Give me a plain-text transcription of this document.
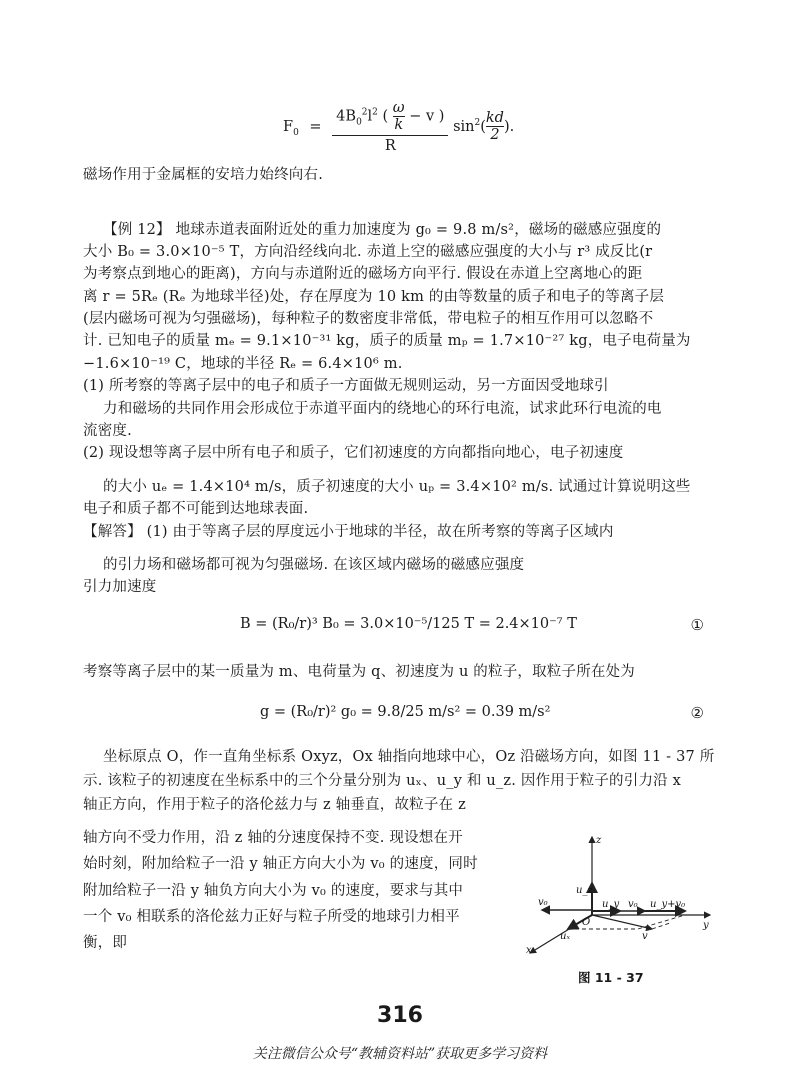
$F_0 = \frac{4B_0^2l^2 ( \frac{\omega}{k} - v )}{R} \sin^2( \frac{kd}{2}$ ).
磁场作用于金属框的安培力始终向右.
【例 12】 地球赤道表面附近处的重力加速度为 g₀ = 9.8 m/s²，磁场的磁感应强度的
大小 B₀ = 3.0×10⁻⁵ T，方向沿经线向北. 赤道上空的磁感应强度的大小与 r³ 成反比(r
为考察点到地心的距离)，方向与赤道附近的磁场方向平行. 假设在赤道上空离地心的距
离 r = 5Rₑ (Rₑ 为地球半径)处，存在厚度为 10 km 的由等数量的质子和电子的等离子层
(层内磁场可视为匀强磁场)，每种粒子的数密度非常低，带电粒子的相互作用可以忽略不
计. 已知电子的质量 mₑ = 9.1×10⁻³¹ kg，质子的质量 mₚ = 1.7×10⁻²⁷ kg，电子电荷量为
−1.6×10⁻¹⁹ C，地球的半径 Rₑ = 6.4×10⁶ m.
(1) 所考察的等离子层中的电子和质子一方面做无规则运动，另一方面因受地球引
力和磁场的共同作用会形成位于赤道平面内的绕地心的环行电流，试求此环行电流的电
流密度.
(2) 现设想等离子层中所有电子和质子，它们初速度的方向都指向地心，电子初速度
的大小 uₑ = 1.4×10⁴ m/s，质子初速度的大小 uₚ = 3.4×10² m/s. 试通过计算说明这些
电子和质子都不可能到达地球表面.
【解答】 (1) 由于等离子层的厚度远小于地球的半径，故在所考察的等离子区域内
的引力场和磁场都可视为匀强磁场. 在该区域内磁场的磁感应强度
引力加速度
B = (R₀/r)³ B₀ = 3.0×10⁻⁵/125 T = 2.4×10⁻⁷ T	①
考察等离子层中的某一质量为 m、电荷量为 q、初速度为 u 的粒子，取粒子所在处为
g = (R₀/r)² g₀ = 9.8/25 m/s² = 0.39 m/s²	②
坐标原点 O，作一直角坐标系 Oxyz，Ox 轴指向地球中心，Oz 沿磁场方向，如图 11 - 37 所
示. 该粒子的初速度在坐标系中的三个分量分别为 uₓ、u_y 和 u_z. 因作用于粒子的引力沿 x
轴正方向，作用于粒子的洛伦兹力与 z 轴垂直，故粒子在 z
轴方向不受力作用，沿 z 轴的分速度保持不变. 现设想在开
始时刻，附加给粒子一沿 y 轴正方向大小为 v₀ 的速度，同时
附加给粒子一沿 y 轴负方向大小为 v₀ 的速度，要求与其中
一个 v₀ 相联系的洛伦兹力正好与粒子所受的地球引力相平
衡，即
z
u_z
v₀
O
u_y v₀ u_y+v₀
y
x
uₓ	v
图 11 - 37
316
关注微信公众号“教辅资料站”获取更多学习资料
